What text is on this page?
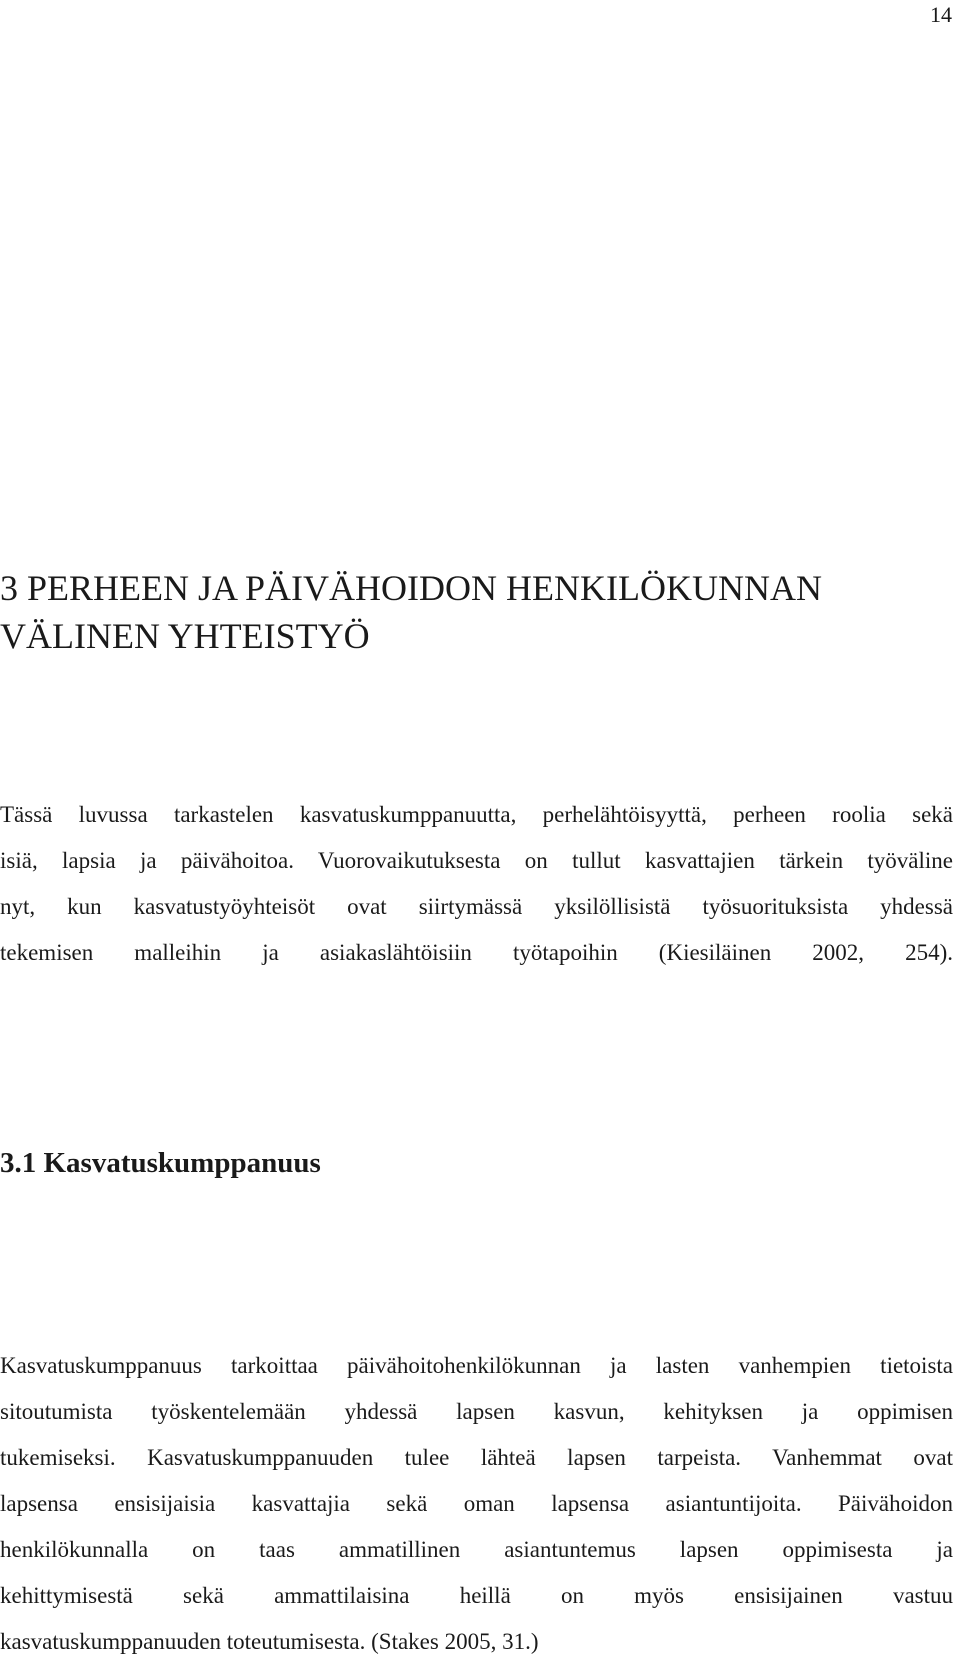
14
3 PERHEEN JA PÄIVÄHOIDON HENKILÖKUNNAN
VÄLINEN YHTEISTYÖ

Tässä luvussa tarkastelen kasvatuskumppanuutta, perhelähtöisyyttä, perheen roolia sekä
isiä, lapsia ja päivähoitoa. Vuorovaikutuksesta on tullut kasvattajien tärkein työväline
nyt, kun kasvatustyöyhteisöt ovat siirtymässä yksilöllisistä työsuorituksista yhdessä
tekemisen malleihin ja asiakaslähtöisiin työtapoihin (Kiesiläinen 2002, 254).

3.1 Kasvatuskumppanuus

Kasvatuskumppanuus tarkoittaa päivähoitohenkilökunnan ja lasten vanhempien tietoista
sitoutumista työskentelemään yhdessä lapsen kasvun, kehityksen ja oppimisen
tukemiseksi. Kasvatuskumppanuuden tulee lähteä lapsen tarpeista. Vanhemmat ovat
lapsensa ensisijaisia kasvattajia sekä oman lapsensa asiantuntijoita. Päivähoidon
henkilökunnalla on taas ammatillinen asiantuntemus lapsen oppimisesta ja
kehittymisestä sekä ammattilaisina heillä on myös ensisijainen vastuu
kasvatuskumppanuuden toteutumisesta. (Stakes 2005, 31.)
